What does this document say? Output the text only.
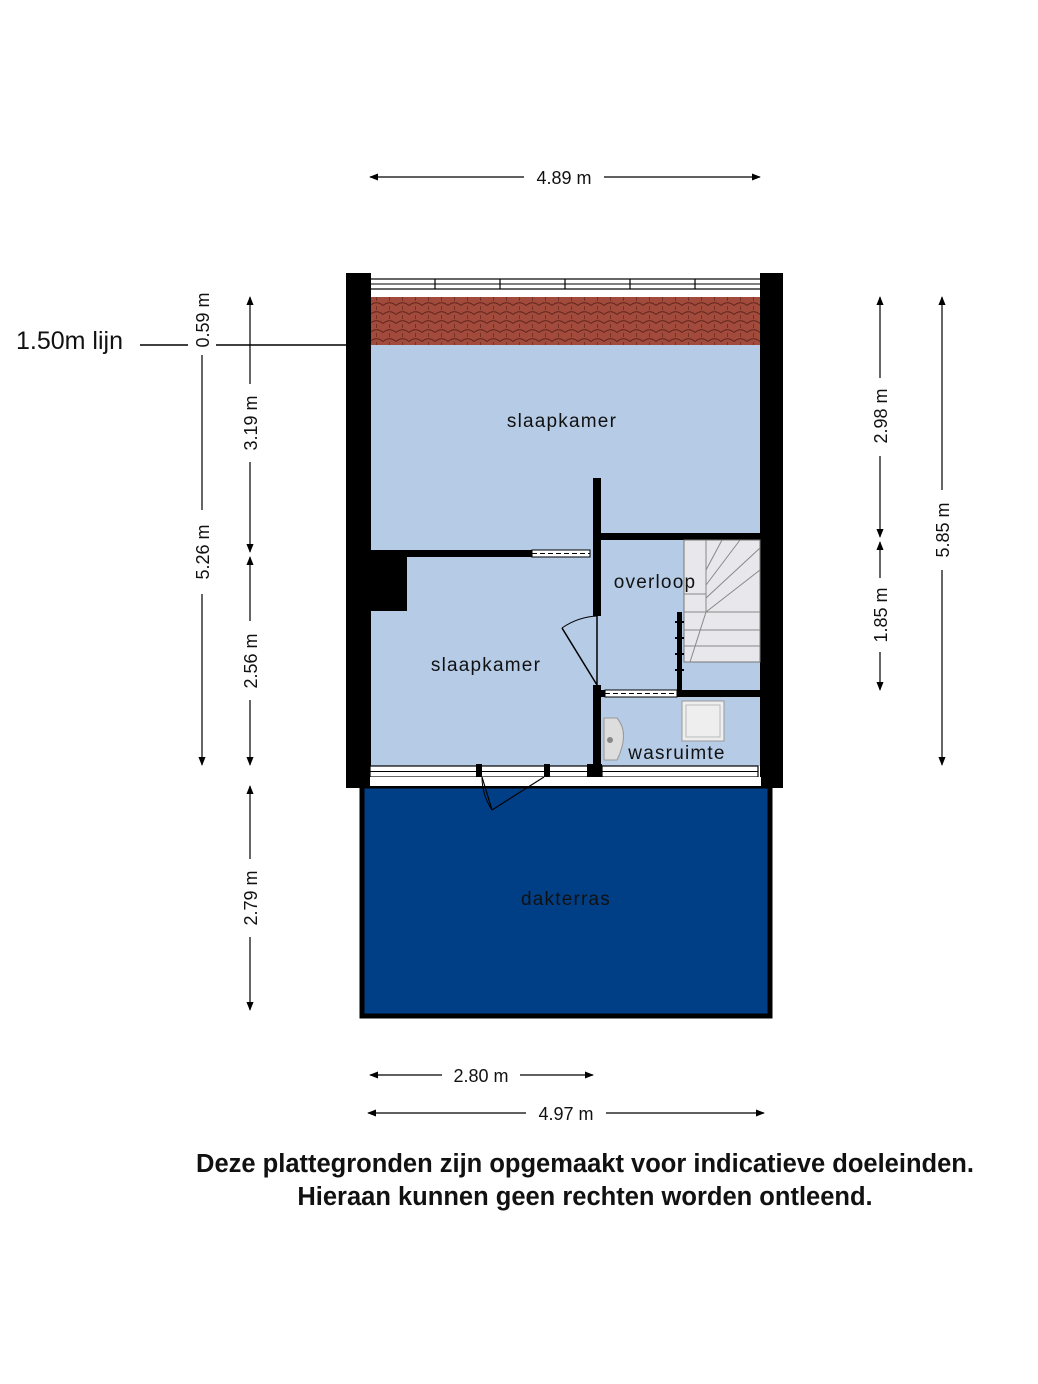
slaapkamer
slaapkamer
overloop
wasruimte
dakterras
1.50m lijn
4.89 m
2.80 m
4.97 m
0.59 m
5.26 m
3.19 m
2.56 m
2.79 m
2.98 m
1.85 m
5.85 m
Deze plattegronden zijn opgemaakt voor indicatieve doeleinden.
Hieraan kunnen geen rechten worden ontleend.
